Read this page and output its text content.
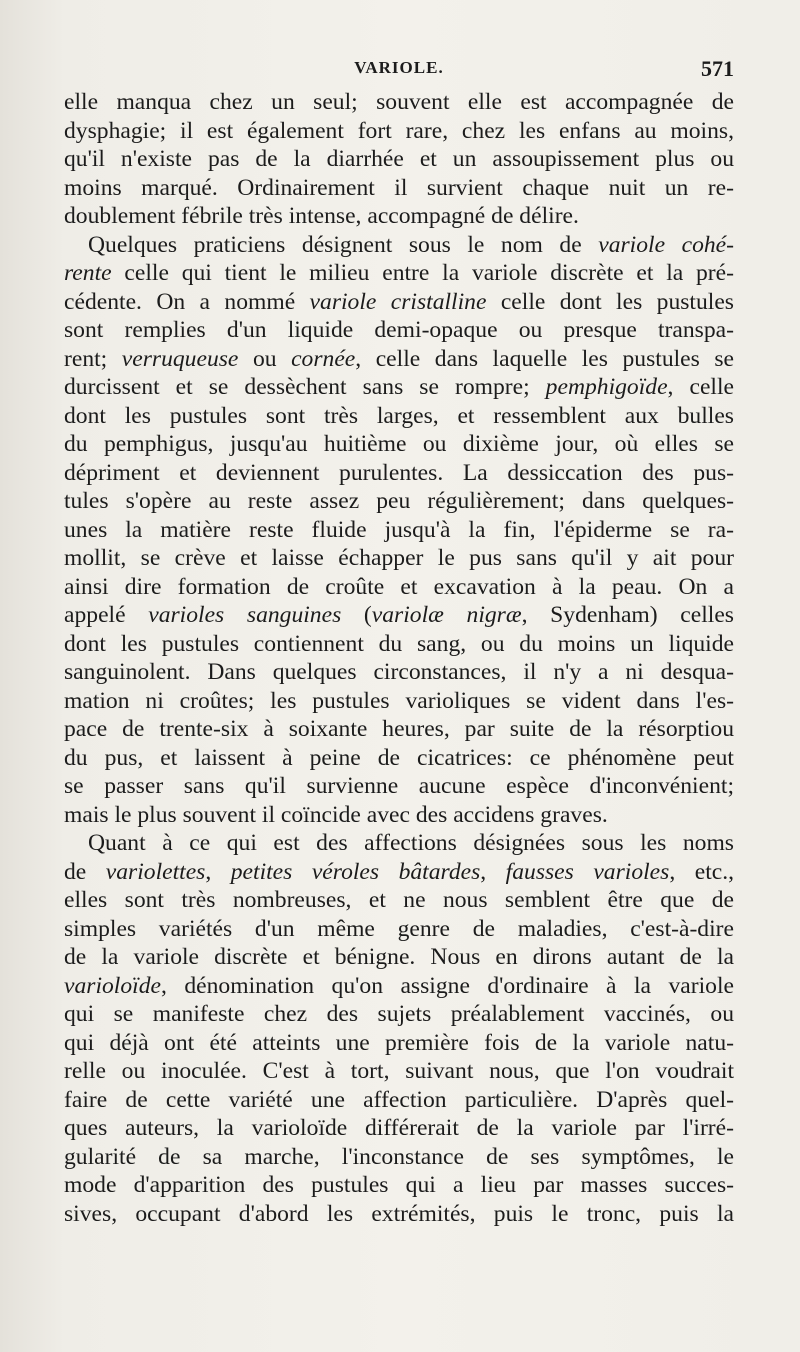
VARIOLE.	571
elle manqua chez un seul; souvent elle est accompagnée de
dysphagie; il est également fort rare, chez les enfans au moins,
qu'il n'existe pas de la diarrhée et un assoupissement plus ou
moins marqué. Ordinairement il survient chaque nuit un re-
doublement fébrile très intense, accompagné de délire.
Quelques praticiens désignent sous le nom de variole cohé-
rente celle qui tient le milieu entre la variole discrète et la pré-
cédente. On a nommé variole cristalline celle dont les pustules
sont remplies d'un liquide demi-opaque ou presque transpa-
rent; verruqueuse ou cornée, celle dans laquelle les pustules se
durcissent et se dessèchent sans se rompre; pemphigoïde, celle
dont les pustules sont très larges, et ressemblent aux bulles
du pemphigus, jusqu'au huitième ou dixième jour, où elles se
dépriment et deviennent purulentes. La dessiccation des pus-
tules s'opère au reste assez peu régulièrement; dans quelques-
unes la matière reste fluide jusqu'à la fin, l'épiderme se ra-
mollit, se crève et laisse échapper le pus sans qu'il y ait pour
ainsi dire formation de croûte et excavation à la peau. On a
appelé varioles sanguines (variolæ nigræ, Sydenham) celles
dont les pustules contiennent du sang, ou du moins un liquide
sanguinolent. Dans quelques circonstances, il n'y a ni desqua-
mation ni croûtes; les pustules varioliques se vident dans l'es-
pace de trente-six à soixante heures, par suite de la résorptiou
du pus, et laissent à peine de cicatrices: ce phénomène peut
se passer sans qu'il survienne aucune espèce d'inconvénient;
mais le plus souvent il coïncide avec des accidens graves.
Quant à ce qui est des affections désignées sous les noms
de variolettes, petites véroles bâtardes, fausses varioles, etc.,
elles sont très nombreuses, et ne nous semblent être que de
simples variétés d'un même genre de maladies, c'est-à-dire
de la variole discrète et bénigne. Nous en dirons autant de la
varioloïde, dénomination qu'on assigne d'ordinaire à la variole
qui se manifeste chez des sujets préalablement vaccinés, ou
qui déjà ont été atteints une première fois de la variole natu-
relle ou inoculée. C'est à tort, suivant nous, que l'on voudrait
faire de cette variété une affection particulière. D'après quel-
ques auteurs, la varioloïde différerait de la variole par l'irré-
gularité de sa marche, l'inconstance de ses symptômes, le
mode d'apparition des pustules qui a lieu par masses succes-
sives, occupant d'abord les extrémités, puis le tronc, puis la
